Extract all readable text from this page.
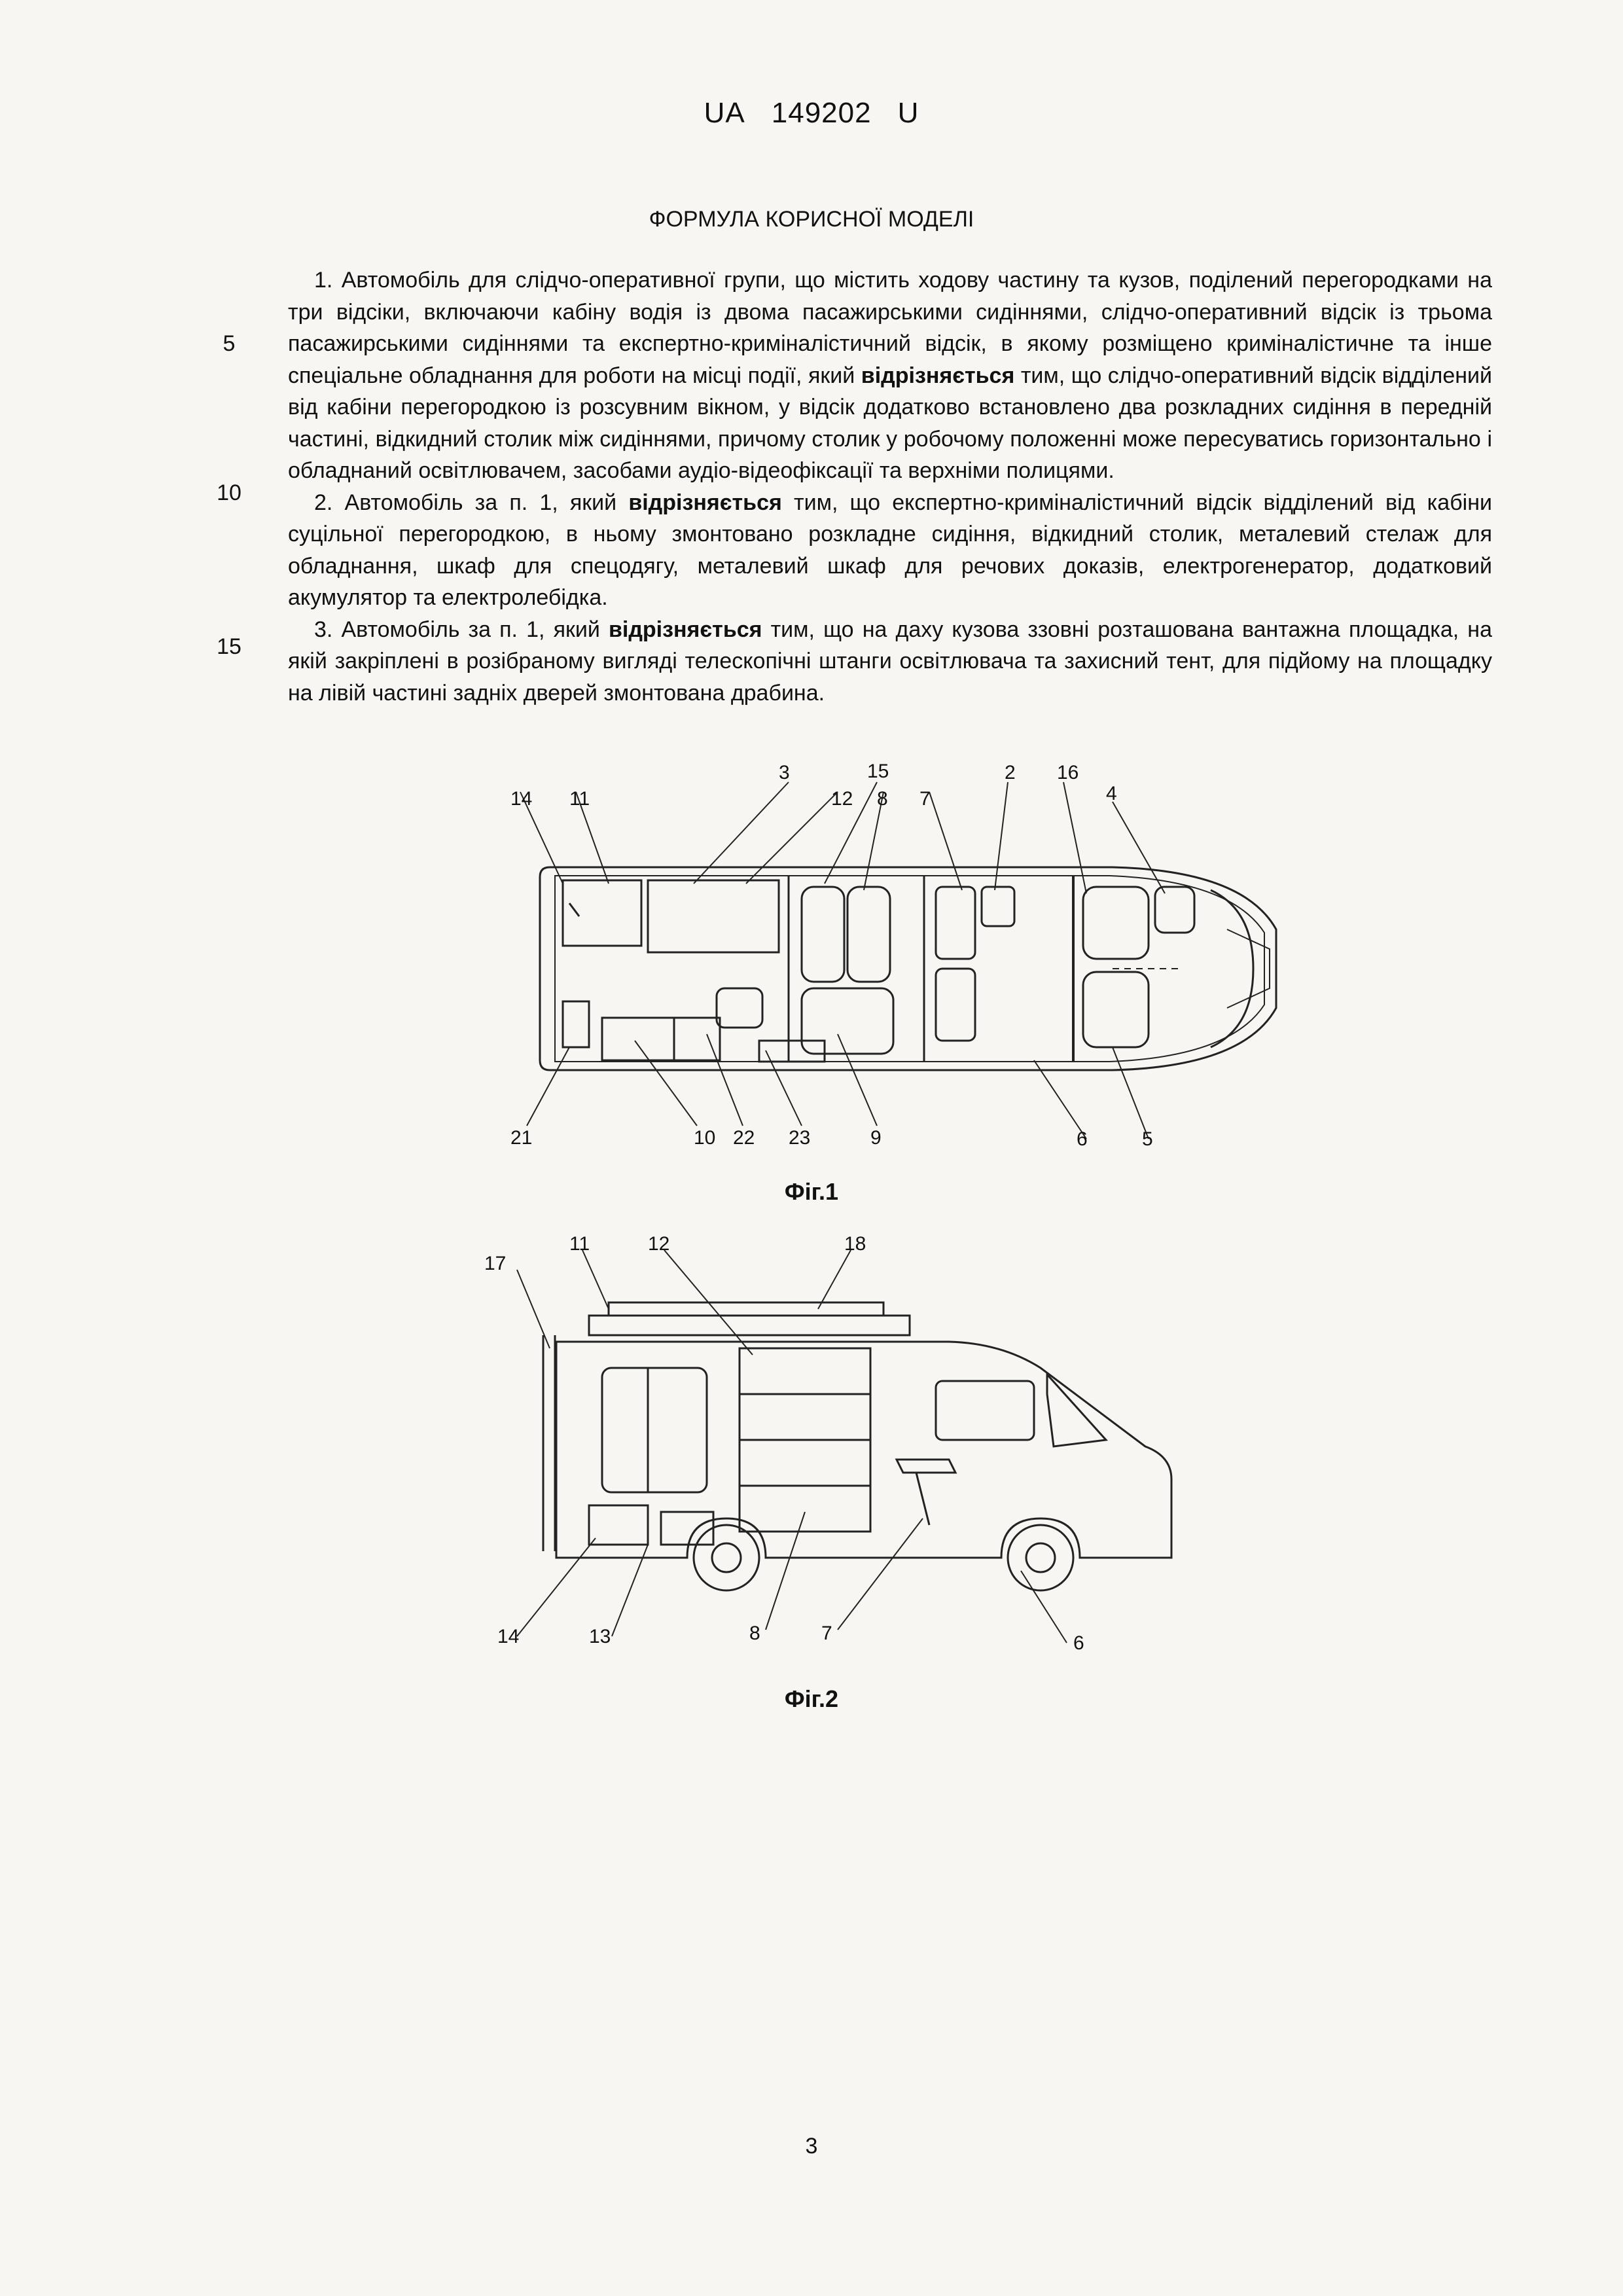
UA 149202 U
ФОРМУЛА КОРИСНОЇ МОДЕЛІ
5
10
15

1. Автомобіль для слідчо-оперативної групи, що містить ходову частину та кузов, поділений перегородками на три відсіки, включаючи кабіну водія із двома пасажирськими сидіннями, слідчо-оперативний відсік із трьома пасажирськими сидіннями та експертно-криміналістичний відсік, в якому розміщено криміналістичне та інше спеціальне обладнання для роботи на місці події, який відрізняється тим, що слідчо-оперативний відсік відділений від кабіни перегородкою із розсувним вікном, у відсік додатково встановлено два розкладних сидіння в передній частині, відкидний столик між сидіннями, причому столик у робочому положенні може пересуватись горизонтально і обладнаний освітлювачем, засобами аудіо-відеофіксації та верхніми полицями.

2. Автомобіль за п. 1, який відрізняється тим, що експертно-криміналістичний відсік відділений від кабіни суцільної перегородкою, в ньому змонтовано розкладне сидіння, відкидний столик, металевий стелаж для обладнання, шкаф для спецодягу, металевий шкаф для речових доказів, електрогенератор, додатковий акумулятор та електролебідка.

3. Автомобіль за п. 1, який відрізняється тим, що на даху кузова ззовні розташована вантажна площадка, на якій закріплені в розібраному вигляді телескопічні штанги освітлювача та захисний тент, для підйому на площадку на лівій частині задніх дверей змонтована драбина.

14 11
3
12
15
8 7
2 16
4
21	10 22 23	9	6	5
Фіг.1
17
11	12	18
14	13	8	7	6
Фіг.2
3
